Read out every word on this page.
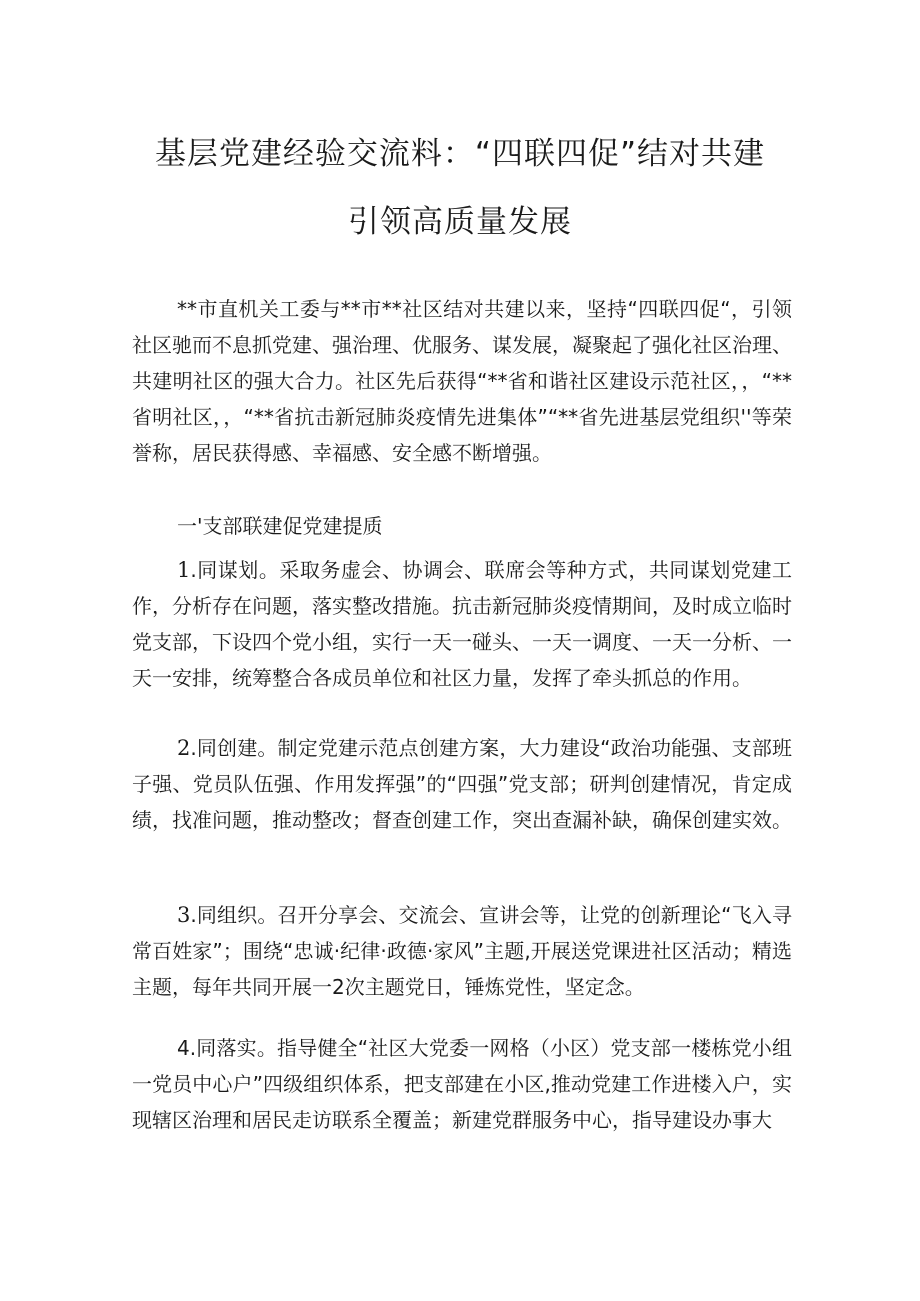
基层党建经验交流料：“四联四促”结对共建
引领高质量发展

**市直机关工委与**市**社区结对共建以来，坚持“四联四促“，引领社区驰而不息抓党建、强治理、优服务、谋发展，凝聚起了强化社区治理、共建明社区的强大合力。社区先后获得“**省和谐社区建设示范社区，，“**省明社区，，“**省抗击新冠肺炎疫情先进集体”“**省先进基层党组织''等荣誉称，居民获得感、幸福感、安全感不断增强。

一'支部联建促党建提质

1.同谋划。采取务虚会、协调会、联席会等种方式，共同谋划党建工作，分析存在问题，落实整改措施。抗击新冠肺炎疫情期间，及时成立临时党支部，下设四个党小组，实行一天一碰头、一天一调度、一天一分析、一天一安排，统筹整合各成员单位和社区力量，发挥了牵头抓总的作用。

2.同创建。制定党建示范点创建方案，大力建设“政治功能强、支部班子强、党员队伍强、作用发挥强”的“四强”党支部；研判创建情况，肯定成绩，找准问题，推动整改；督查创建工作，突出查漏补缺，确保创建实效。

3.同组织。召开分享会、交流会、宣讲会等，让党的创新理论“飞入寻常百姓家”；围绕“忠诚·纪律·政德·家风”主题,开展送党课进社区活动；精选主题，每年共同开展一2次主题党日，锤炼党性，坚定念。

4.同落实。指导健全“社区大党委一网格（小区）党支部一楼栋党小组一党员中心户”四级组织体系，把支部建在小区,推动党建工作进楼入户，实现辖区治理和居民走访联系全覆盖；新建党群服务中心，指导建设办事大
